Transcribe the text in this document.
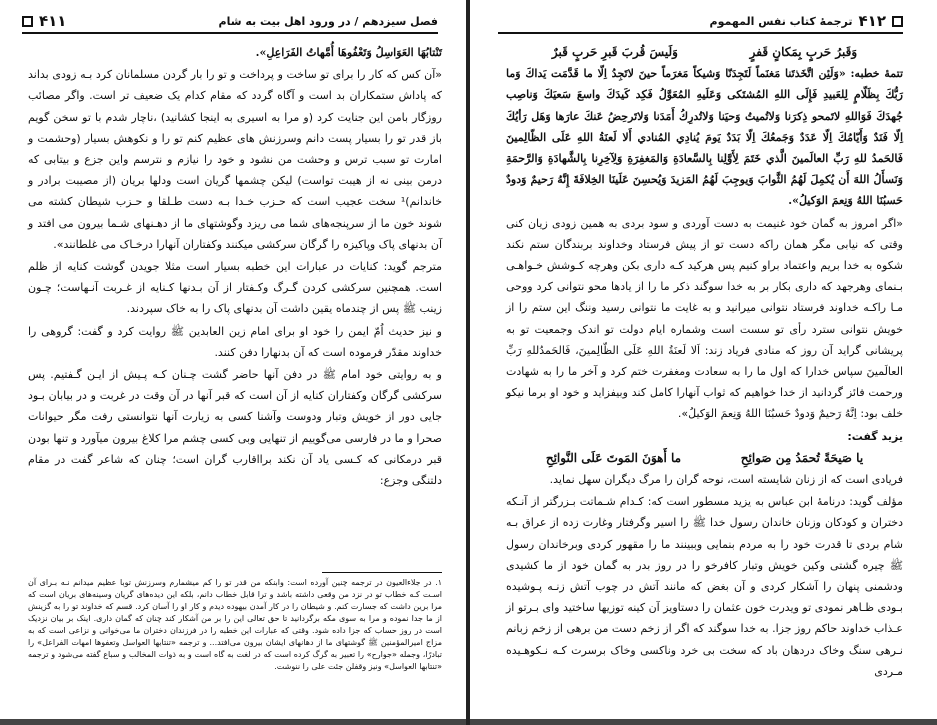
فصل سیزدهم / در ورود اهل بیت به شام
۴۱۱

تَنْتابُهَا العَوَاسِلُ وَتَعْفُوهَا أُمَّهاتُ الفَرَاعِلِ».

«آن کس که کار را برای تو ساخت و پرداخت و تو را بار گردن مسلمانان کرد بـه زودی بداند که پاداش ستمکاران بد است و آگاه گردد که مقام کدام یک ضعیف تر است. واگر مصائب روزگار بامن این جنایت کرد (و مرا به اسیری به اینجا کشانید) ،ناچار شدم با تو سخن گویم باز قدر تو را بسیار پست دانم وسرزنش های عظیم کنم تو را و نکوهش بسیار (وحشمت و امارت تو سبب ترس و وحشت من نشود و خود را نیازم و نترسم واین جزع و بیتابی که درمن بینی نه از هیبت تواست) لیکن چشمها گریان است ودلها بریان (از مصیبت برادر و خاندانم)¹ سخت عجیب است که حـزب خـدا بـه دست طـلقا و حـزب شیطان کشته می شوند خون ما از سرپنجه‌های شما می ریزد وگوشتهای ما از دهـنهای شـما بیرون می افتد و آن بدنهای پاک وپاکیزه را گرگان سرکشی میکنند وکفتاران آنهارا درخـاک می غلطانند».

مترجم گوید: کنایات در عبارات این خطبه بسیار است مثلا جویدن گوشت کنایه از ظلم است. همچنین سرکشی کردن گـرگ وکـفتار از آن بـدنها کـنایه از غـربت آنـهاست؛ چـون زینب ﷺ پس از چندماه یقین داشت آن بدنهای پاک را به خاک سپردند.

و نیز حدیث اُمّ ایمن را خود او برای امام زین العابدین ﷺ روایت کرد و گفت: گروهی را خداوند مقدّر فرموده است که آن بدنهارا دفن کنند.

و به روایتی خود امام ﷺ در دفن آنها حاضر گشت چـنان کـه پـیش از ایـن گـفتیم. پس سرکشی گرگان وکفتاران کنایه از آن است که قبر آنها در آن وقت در غربت و در بیابان بـود جایی دور از خویش وتبار ودوست وآشنا کسی به زیارت آنها نتوانستی رفت مگر حیوانات صحرا و ما در فارسی می‌گوییم از تنهایی وبی کسی چشم مرا کلاغ بیرون میآورد و تنها بودن قبر درمکانی که کـسی یاد آن نکند برااقارب گران است؛ چنان که شاعر گفت در مقام دلتنگی وجزع:

١. در جلاءالعیون در ترجمه چنین آورده است: وابنکه من قدر تو را کم میشمارم وسرزنش توبا عظیم میدانم نـه بـرای آن اسـت کـه خطاب تو در نزد من وقعی داشته باشد و ترا قابل خطاب دانم، بلکه این دیده‌های گریان وسینه‌های بریان است که مرا برین داشت که جسارت کنم. و شیطان را در کار آمدن بیهوده دیدم و کار او را آسان کرد. قسم که خداوند تو را به گزینش از ما جدا نموده و مرا به سوی مکه برگردانید تا حق تعالی این را بر من آشکار کند چنان که گمان داری. اینک بر بیان نزدیک است در روز حساب که جزا داده شود. وقتی که عبارات این خطبه را در فرزندان دختران ما می‌خوانی و نزاعی است که به مزاج امیرالمؤمنین ﷺ گوشتهای ما از دهانهای ایشان بیرون می‌افتد... و ترجمه «تنتابها العواسل وتعفوها امهات الفراعل» را تبادرًا، وجمله «جوارح» را تعبیر به گرگ کرده است که در لغت به گاه است و به ذوات المخالب و سباع گفته می‌شود و ترجمه «تنتابها العواسل» ونیز وقفلن جئت علی را ننوشت.
۴۱۲
ترجمهٔ کتاب نفس المهموم
وَقَبرُ حَربٍ بِمَكانٍ قَفرٍ
وَلَيسَ قُربَ قَبرِ حَربٍ قَبرٌ

تتمهٔ خطبه: «وَلَئِن اتَّخَذتَنا مَغنَماً لَتَجِدَنّا وَشيكاً مَغرَماً حينَ لاتَجِدُ اِلّا ما قَدَّمَت يَداكَ وَما رَبُّكَ بِظَلّامٍ لِلعَبيدِ فَإِلَى اللهِ المُشتَكى وَعَلَيهِ المُعَوَّلُ فَكِد كَيدَكَ واسعَ سَعيَكَ وَناصِب جُهدَكَ فَوَاللهِ لاتَمحو ذِكرَنا وَلاتُميتُ وَحيَنا وَلاتُدرِكُ أَمَدَنا وَلاتَرحِضُ عَنكَ عارَها وَهَل رَأيُكَ اِلّا فَنَدٌ وَأَيّامُكَ اِلّا عَدَدٌ وَجَمعُكَ اِلّا بَدَدٌ يَومَ يُنادِي المُنادي أَلا لَعنَةُ اللهِ عَلَى الظّالِمينَ فَالحَمدُ للهِ رَبِّ العالَمينَ الَّذي خَتَمَ لِأَوَّلِنا بِالسَّعادَةِ وَالمَغفِرَةِ وَلِآخِرِنا بِالشَّهادَةِ وَالرَّحمَةِ وَنَسأَلُ اللهَ أَن يُكمِلَ لَهُمُ الثَّوابَ وَيوجِبَ لَهُمُ المَزيدَ وَيُحسِنَ عَلَينَا الخِلافَةَ إِنَّهُ رَحيمٌ وَدودٌ حَسبُنَا اللهُ وَنِعمَ الوَكيلُ».

«اگر امروز به گمان خود غنیمت به دست آوردی و سود بردی به همین زودی زیان کنی وقتی که نیابی مگر همان راکه دست تو از پیش فرستاد وخداوند بربندگان ستم نکند شکوه به خدا بریم واعتماد براو کنیم پس هرکید کـه داری بکن وهرچه کـوشش خـواهـی بـنمای وهرجهد که داری بکار بر به خدا سوگند ذکر ما را از یادها محو نتوانی کرد ووحی مـا راکـه خداوند فرستاد نتوانی میرانید و به غایت ما نتوانی رسید وننگ این ستم را از خویش نتوانی سترد رأی تو سست است وشماره ایام دولت تو اندک وجمعیت تو به پریشانی گراید آن روز که منادی فریاد زند: اَلا لَعنَةُ اللهِ عَلَى الظّالِمینَ، فَالحَمدُللهِ رَبِّ العالَمینَ سپاس خدارا که اول ما را به سعادت ومغفرت ختم کرد و آخر ما را به شهادت ورحمت فائز گردانید از خدا خواهیم که ثواب آنهارا کامل کند وبیفزاید و خود او برما نیکو خلف بود: اِنَّهُ رَحیمٌ وَدودٌ حَسبُنَا اللهُ وَنِعمَ الوَکیلُ».

یزید گفت:

يا صَيحَةً تُحمَدُ مِن صَوائِحِ
ما أَهوَنَ المَوتَ عَلَى النَّوائِحِ

فریادی است که از زنان شایسته است، نوحه گران را مرگ دیگران سهل نماید.

مؤلف گوید: درنامهٔ ابن عباس به یزید مسطور است که: کـدام شـماتت بـزرگتر از آنـکه دختران و کودکان وزنان خاندان رسول خدا ﷺ را اسیر وگرفتار وغارت زده از عراق بـه شام بردی تا قدرت خود را به مردم بنمایی وببینند ما را مقهور کردی وبرخاندان رسول ﷺ چیره گشتی وکین خویش وتبار کافرخو را در روز بدر به گمان خود از ما کشیدی ودشمنی پنهان را آشکار کردی و آن بغض که مانند آتش در چوب آتش زنـه پـوشیده بـودی ظـاهر نمودی تو ویدرت خون عثمان را دستاویز آن کینه توزیها ساختید وای بـرتو از عـذاب خداوند حاکم روز جزا. به خدا سوگند که اگر از زخم دست من برهی از زخم زبانم نـرهی سنگ وخاک دردهان باد که سخت بی خرد وناکسی وخاک برسرت کـه نـکوهـیده مـردی
